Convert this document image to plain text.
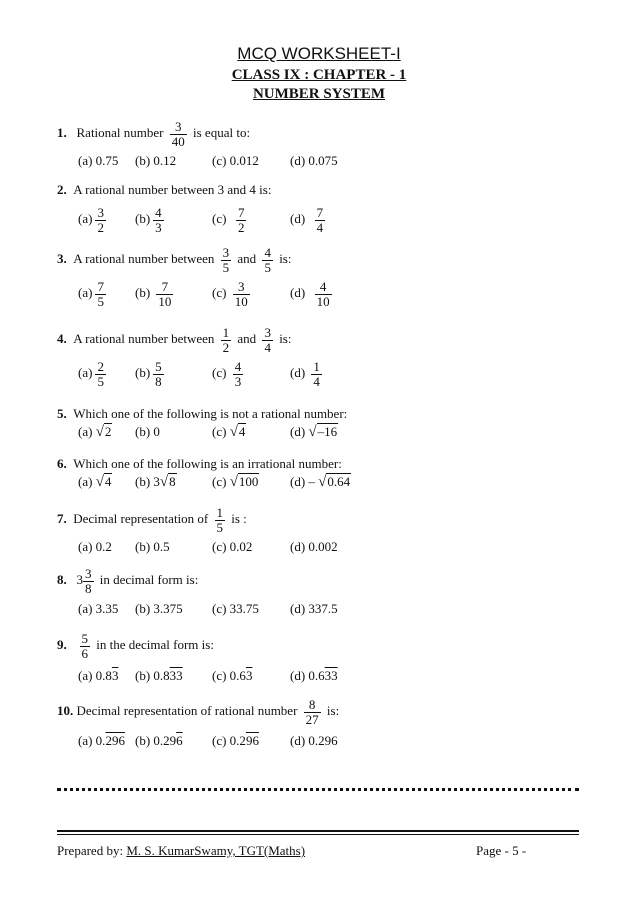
MCQ WORKSHEET-I
CLASS IX : CHAPTER - 1
NUMBER SYSTEM
1. Rational number $\frac{3}{40}$ is equal to:
(a) 0.75 (b) 0.12	(c) 0.012 (d) 0.075
2. A rational number between 3 and 4 is:
$(a) \frac{3}{2} (b) \frac{4}{3}$	$(c) \frac{7}{2}$	$(d) \frac{7}{4}$
3. A rational number between $\frac{3}{5}$ and $\frac{4}{5}$ is:
$(a) \frac{7}{5} (b) \frac{7}{10}$	$(c) \frac{3}{10}$	$(d) \frac{4}{10}$
4. A rational number between $\frac{1}{2}$ and $\frac{3}{4}$ is:
$(a) \frac{2}{5} (b) \frac{5}{8}$	$(c) \frac{4}{3}$	$(d) \frac{1}{4}$
5. Which one of the following is not a rational number:
(a) √2 (b) 0	(c) √4	(d) √–16
6. Which one of the following is an irrational number:
(a) √4 (b) 3√8	(c) √100 (d) – √0.64
7. Decimal representation of $\frac{1}{5}$ is :
(a) 0.2 (b) 0.5	(c) 0.02	(d) 0.002
8. $3 \frac{3}{8}$ in decimal form is:
(a) 3.35 (b) 3.375 (c) 33.75 (d) 337.5
9. $\frac{5}{6}$ in the decimal form is:
(a) 0.83 (b) 0.833 (c) 0.63	(d) 0.633
10. Decimal representation of rational number $\frac{8}{27}$ is:
(a) 0.296 (b) 0.296 (c) 0.296 (d) 0.296
Prepared by: M. S. KumarSwamy, TGT(Maths)	Page - 5 -
